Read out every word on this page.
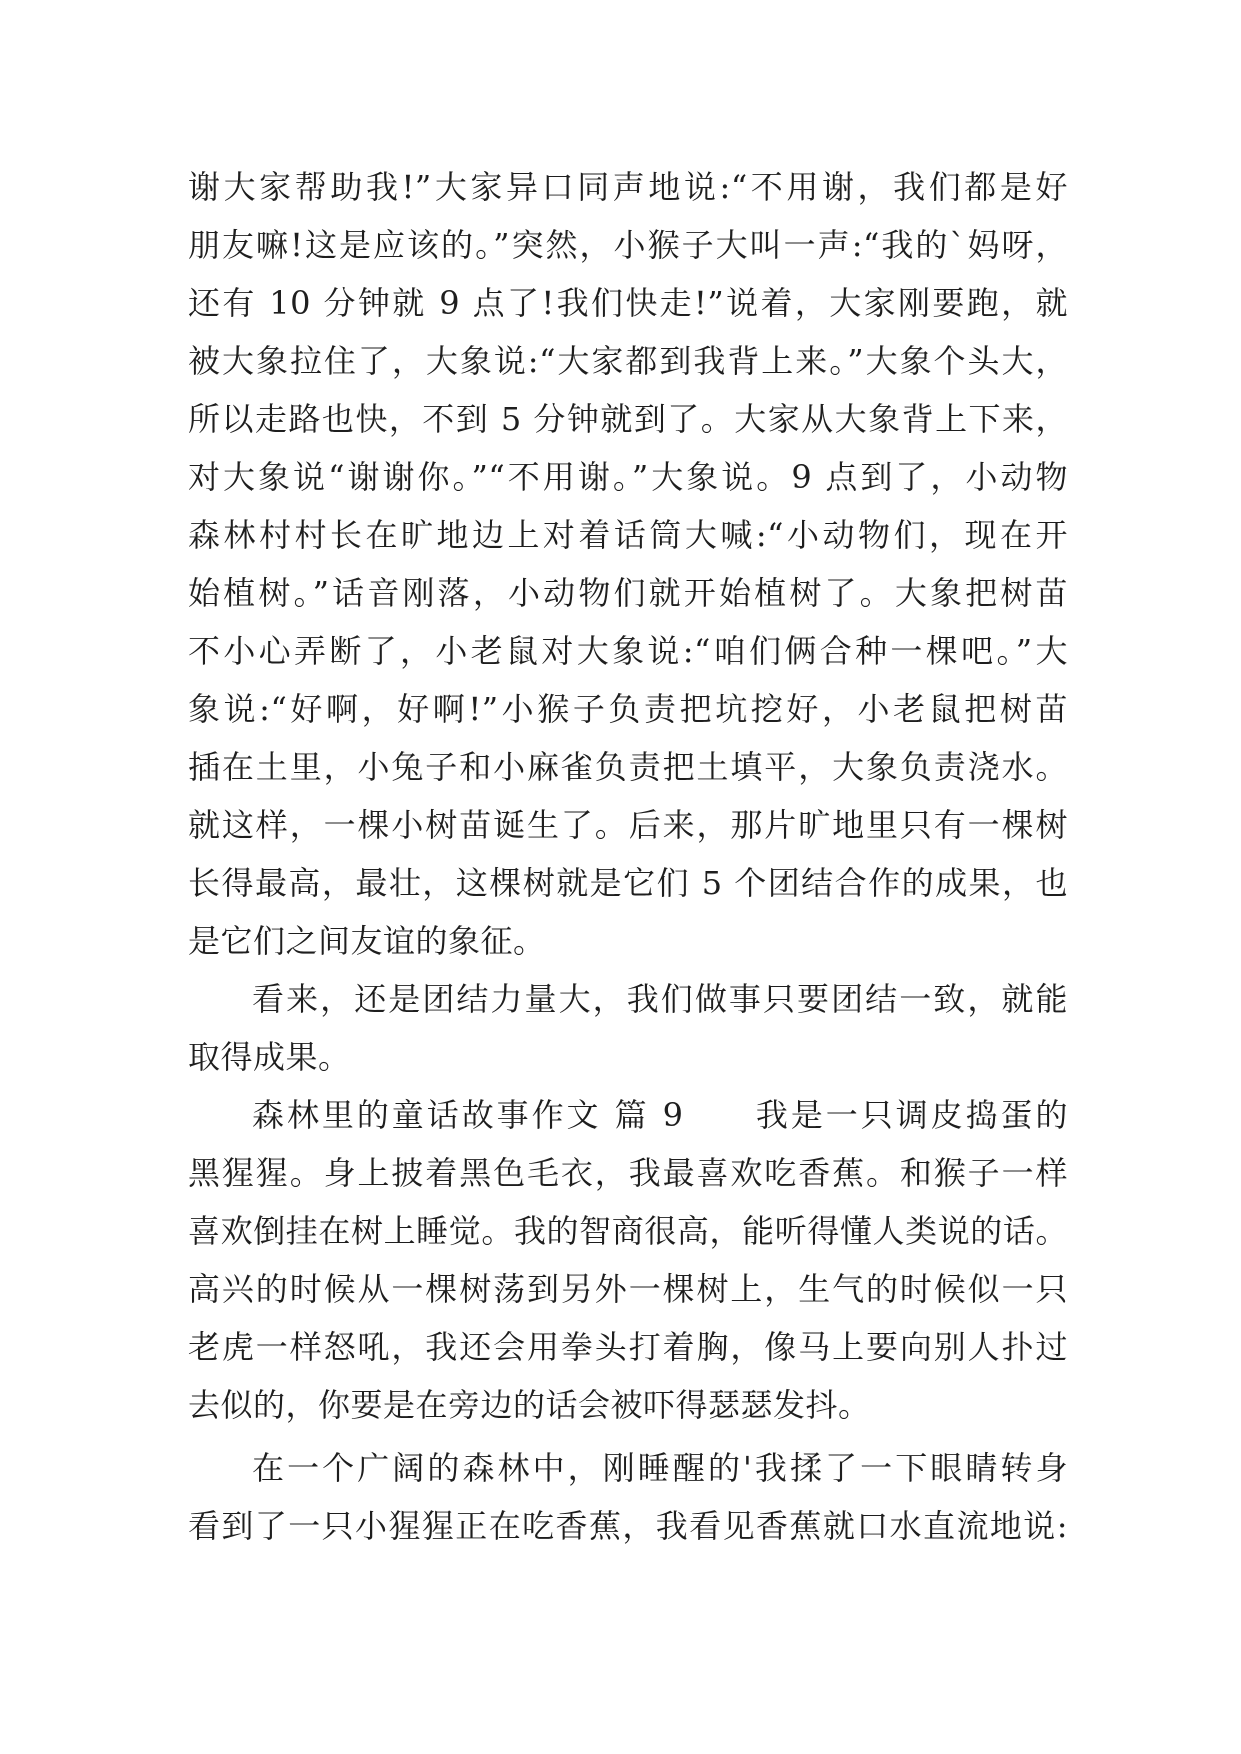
谢大家帮助我!”大家异口同声地说:“不用谢，我们都是好
朋友嘛!这是应该的。”突然，小猴子大叫一声:“我的`妈呀，
还有 10 分钟就 9 点了!我们快走!”说着，大家刚要跑，就
被大象拉住了，大象说:“大家都到我背上来。”大象个头大，
所以走路也快，不到 5 分钟就到了。大家从大象背上下来，
对大象说“谢谢你。”“不用谢。”大象说。9 点到了，小动物
森林村村长在旷地边上对着话筒大喊:“小动物们，现在开
始植树。”话音刚落，小动物们就开始植树了。大象把树苗
不小心弄断了，小老鼠对大象说:“咱们俩合种一棵吧。”大
象说:“好啊，好啊!”小猴子负责把坑挖好，小老鼠把树苗
插在土里，小兔子和小麻雀负责把土填平，大象负责浇水。
就这样，一棵小树苗诞生了。后来，那片旷地里只有一棵树
长得最高，最壮，这棵树就是它们 5 个团结合作的成果，也
是它们之间友谊的象征。
看来，还是团结力量大，我们做事只要团结一致，就能
取得成果。
森林里的童话故事作文 篇 9　　我是一只调皮捣蛋的
黑猩猩。身上披着黑色毛衣，我最喜欢吃香蕉。和猴子一样
喜欢倒挂在树上睡觉。我的智商很高，能听得懂人类说的话。
高兴的时候从一棵树荡到另外一棵树上，生气的时候似一只
老虎一样怒吼，我还会用拳头打着胸，像马上要向别人扑过
去似的，你要是在旁边的话会被吓得瑟瑟发抖。
在一个广阔的森林中，刚睡醒的'我揉了一下眼睛转身
看到了一只小猩猩正在吃香蕉，我看见香蕉就口水直流地说:
